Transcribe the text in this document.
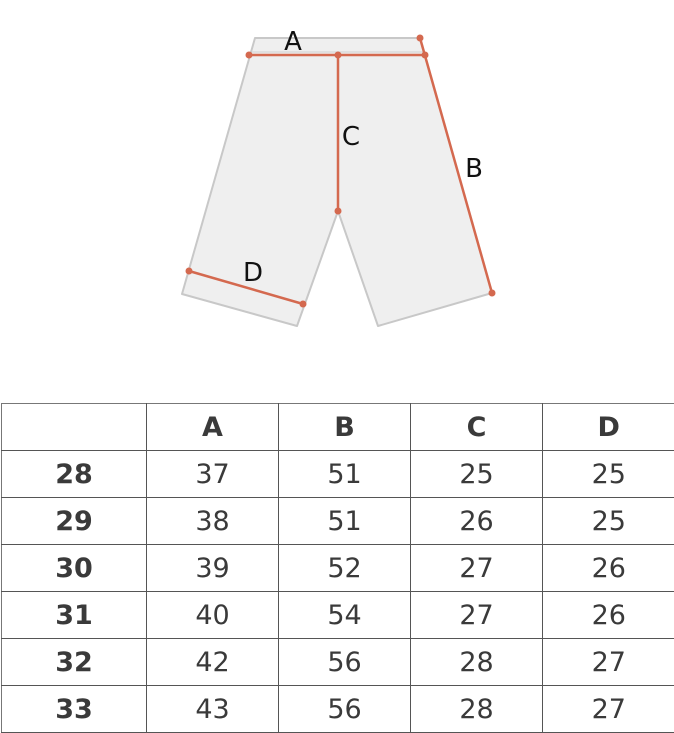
A
B
C
D
	A	B	C	D
28	37	51	25	25
29	38	51	26	25
30	39	52	27	26
31	40	54	27	26
32	42	56	28	27
33	43	56	28	27
